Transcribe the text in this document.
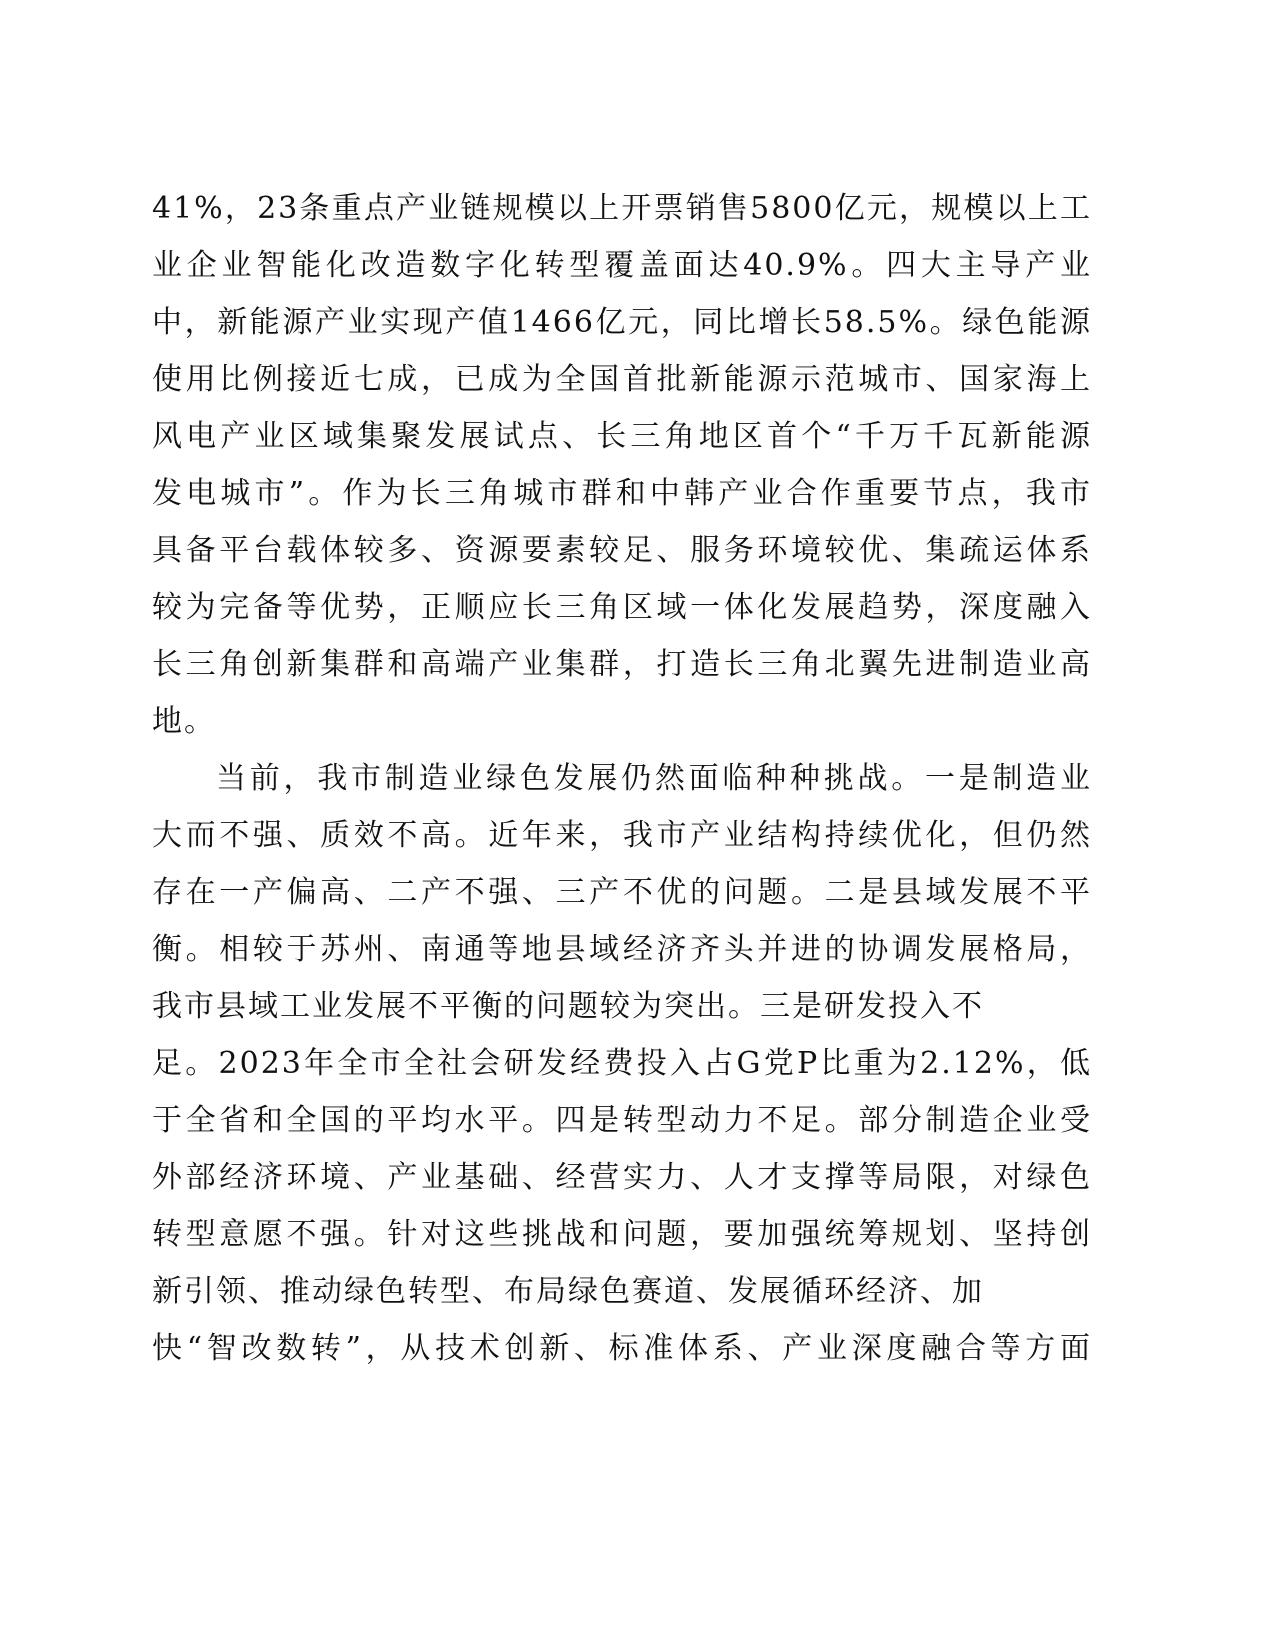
41%，23条重点产业链规模以上开票销售5800亿元，规模以上工
业企业智能化改造数字化转型覆盖面达40.9%。四大主导产业
中，新能源产业实现产值1466亿元，同比增长58.5%。绿色能源
使用比例接近七成，已成为全国首批新能源示范城市、国家海上
风电产业区域集聚发展试点、长三角地区首个“千万千瓦新能源
发电城市”。作为长三角城市群和中韩产业合作重要节点，我市
具备平台载体较多、资源要素较足、服务环境较优、集疏运体系
较为完备等优势，正顺应长三角区域一体化发展趋势，深度融入
长三角创新集群和高端产业集群，打造长三角北翼先进制造业高
地。
当前，我市制造业绿色发展仍然面临种种挑战。一是制造业
大而不强、质效不高。近年来，我市产业结构持续优化，但仍然
存在一产偏高、二产不强、三产不优的问题。二是县域发展不平
衡。相较于苏州、南通等地县域经济齐头并进的协调发展格局，
我市县域工业发展不平衡的问题较为突出。三是研发投入不
足。2023年全市全社会研发经费投入占G党P比重为2.12%，低
于全省和全国的平均水平。四是转型动力不足。部分制造企业受
外部经济环境、产业基础、经营实力、人才支撑等局限，对绿色
转型意愿不强。针对这些挑战和问题，要加强统筹规划、坚持创
新引领、推动绿色转型、布局绿色赛道、发展循环经济、加
快“智改数转”，从技术创新、标准体系、产业深度融合等方面
